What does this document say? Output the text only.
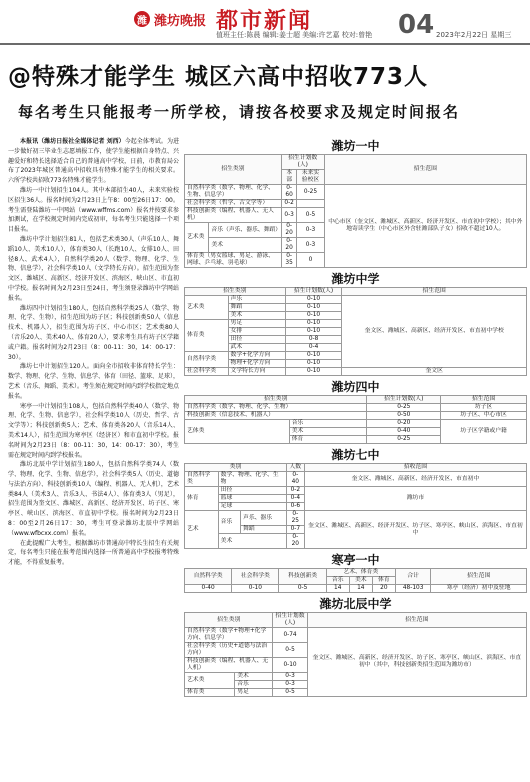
潍 潍坊晚报 都市新闻
值班主任:陈晨 编辑:姜士超 美编:许艺嘉 校对:曾艳 04 2023年2月22日 星期三
@特殊才能学生 城区六高中招收773人
每名考生只能报考一所学校，请按各校要求及规定时间报名

本报讯（潍坊日报社全媒体记者 刘西）今起全体考试。为进一步做好初三毕业生志愿填报工作，使学生能根据自身特点、兴趣爱好和特长选择适合自己的普通高中学校，日前，市教育局公布了2023年城区普通高中招收具有特殊才能学生的相关要求。六所学校共招收773名特殊才能学生。

潍坊一中计划招生104人。其中本部招生40人，未来实验校区招生36人。报名时间为2月23日上午8：00至26日17：00。考生需登陆潍坊一中网站（www.wffms.com）报名并按要求参加测试，在学校规定时间内完成初审，每名考生只能选择一个项目报名。

潍坊中学计划招生81人，包括艺术类30人（声乐10人、舞蹈10人、美术10人），体育类30人（长跑10人、女排10人、田径8人、武术4人），自然科学类20人（数学、物理、化学、生物、信息学），社会科学类10人（文学特长方向）。招生范围为奎文区、潍城区、高新区、经济开发区、滨海区、峡山区、市直初中学校。报名时间为2月23日至24日，考生须登录潍坊中学网站报名。

潍坊四中计划招生180人，包括自然科学类25人（数学、物理、化学、生物），招生范围为坊子区；科技创新类50人（信息技术、机器人），招生范围为坊子区、中心市区；艺术类80人（音乐20人、美术40人、体育20人），要求考生具有坊子区学籍或户籍。报名时间为2月23日（8：00-11：30，14：00-17：30）。

潍坊七中计划招生120人。面向全市招收非体育特长学生：数学、物理、化学、生物、信息学、体育（田径、篮球、足球），艺术（音乐、舞蹈、美术）。考生须在规定时间内到学校指定地点报名。

寒亭一中计划招生108人，包括自然科学类40人（数学、物理、化学、生物、信息学），社会科学类10人（历史、哲学、古文学等）；科技创新类5人；艺术、体育类各20人（音乐14人、美术14人），招生范围为寒亭区（经济区）和市直初中学校。报名时间为2月23日（8：00-11：30，14：00-17：30），考生需在规定时间内到学校报名。

潍坊北辰中学计划招生180人，包括自然科学类74人（数学、物理、化学、生物、信息学），社会科学类5人（历史、道德与法治方向）、科技创新类10人（编程、机器人、无人机），艺术类84人（美术3人、音乐3人、书法4人）、体育类3人（男足），招生范围为奎文区、潍城区、高新区、经济开发区、坊子区、寒亭区、峡山区、滨海区、市直初中学校。报名时间为2月23日8：00至2月26日17：30，考生可登录潍坊北辰中学网站（www.wfbcxx.com）报名。

在此提醒广大考生，根据潍坊市普通高中特长生招生有关规定，每名考生只能在报考范围内选择一所普通高中学校报考特殊才能，不得重复报考。

潍坊一中
招生类别		招生计划数(人)		招生范围
		本部	未来实验校区	
自然科学类（数学、物理、化学、生物、信息学）		0-60	0-25	中心市区（奎文区、潍城区、高新区、经济开发区、市直初中学校）；其中外地寄读学生（中心市区外含驻潍部队子女）招收不超过10人。
社会科学类（哲学、古文学等）		0-2		
科技创新类（编程、机器人、无人机）		0-3	0-5	
艺术类	音乐（声乐、器乐、舞蹈）	0-20	0-3	
	美术	0-20	0-3	
体育类（男女篮球、男足、游泳、网球、乒乓球、羽毛球）		0-35	0	
潍坊中学
招生类别		招生计划数(人)	招生范围
艺术类	声乐	0-10	奎文区、潍城区、高新区、经济开发区、市直初中学校
	舞蹈	0-10	
	美术	0-10	
体育类	男足	0-10	
	女排	0-10	
	田径	0-8	
	武术	0-4	
自然科学类	数学+化学方向	0-10	
	物理+化学方向	0-10	
社会科学类	文学特长方向	0-10	奎文区
潍坊四中
招生类别		招生计划数(人)	招生范围
自然科学类（数学、物理、化学、生物）		0-25	坊子区
科技创新类（信息技术、机器人）		0-50	坊子区、中心市区
艺体类	音乐	0-20	坊子区学籍或户籍
	美术	0-40	
	体育	0-25	
潍坊七中
类别			人数	招收范围
自然科学类	数学、物理、化学、生物		0-40	奎文区、潍城区、高新区、经济开发区、市直初中
体育	田径		0-2	潍坊市
	篮球		0-4	
	足球		0-6	
艺术	音乐	声乐、器乐	0-25	奎文区、潍城区、高新区、经济开发区、坊子区、寒亭区、峡山区、滨海区、市直初中
		舞蹈	0-7	
	美术		0-20	
寒亭一中
自然科学类	社会科学类	科技创新类	艺术、体育类			合计	招生范围
			音乐	美术	体育		
0-40	0-10	0-5	14	14	20	48-103	寒亭（经济）初中及驻地
潍坊北辰中学
招生类别		招生计划数(人)	招生范围
自然科学类（数学+物理+化学方向、信息学）		0-74	奎文区、潍城区、高新区、经济开发区、坊子区、寒亭区、峡山区、滨海区、市直初中（其中，科技创新类招生范围为潍坊市）
社会科学类（历史+道德与法治方向）		0-5	
科技创新类（编程、机器人、无人机）		0-10	
艺术类	美术	0-3	
	音乐	0-3	
体育类	男足	0-5	
